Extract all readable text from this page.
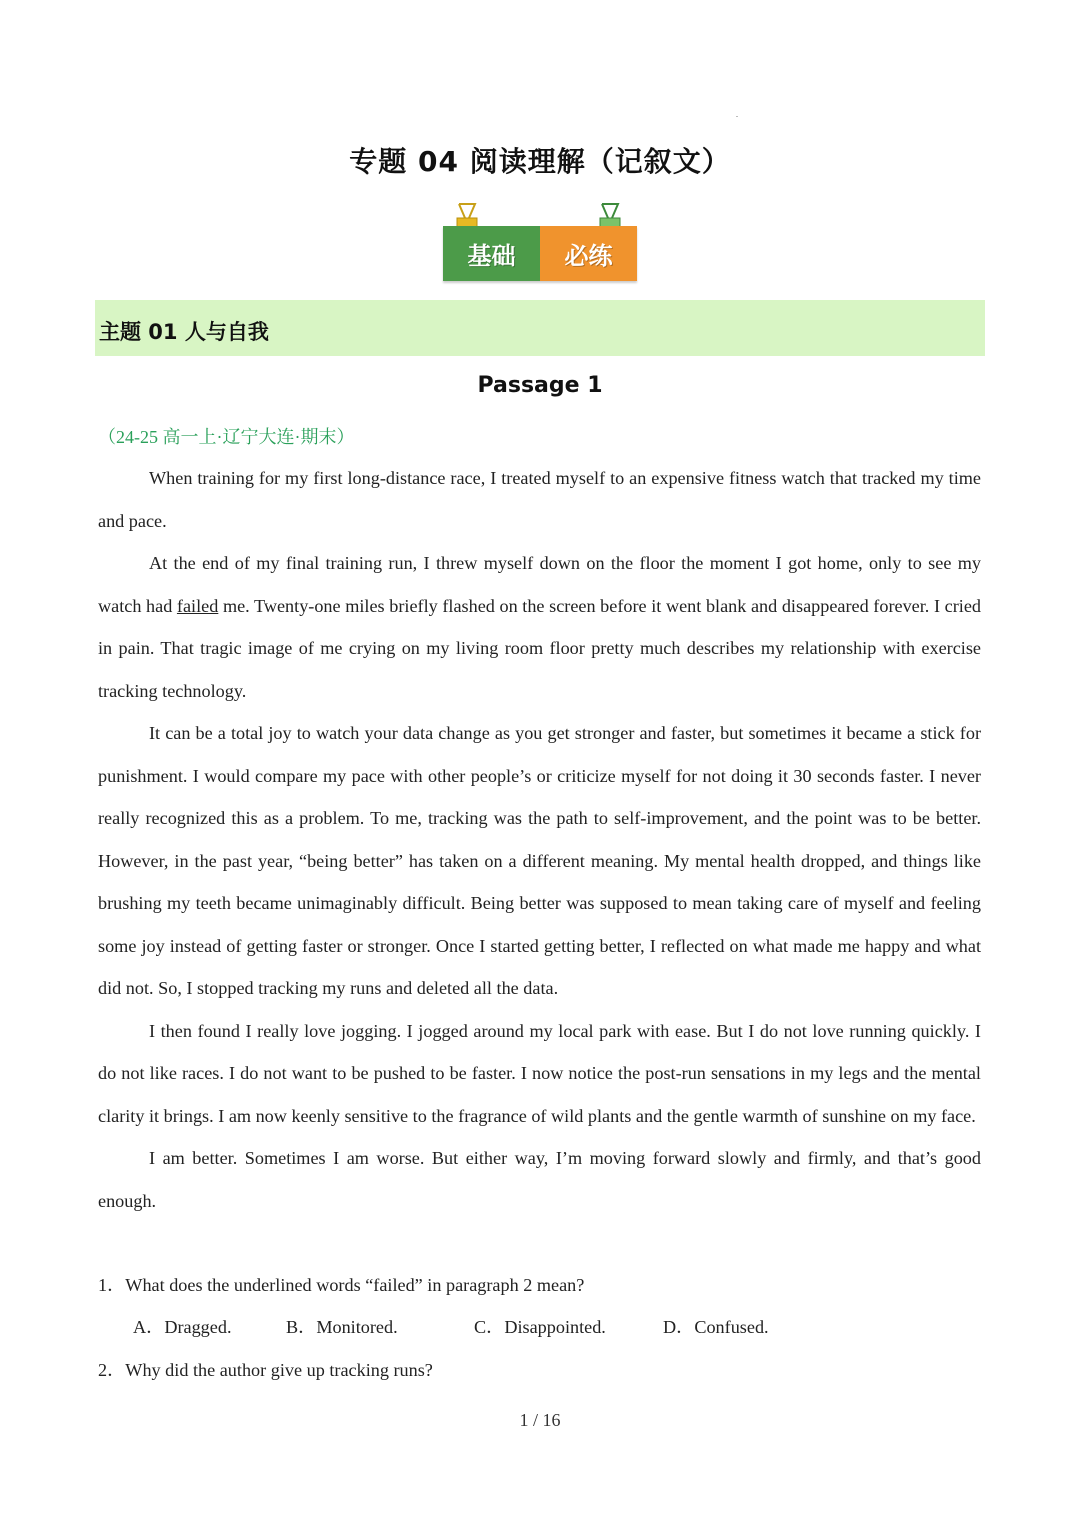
专题 04 阅读理解（记叙文）
基础	必练
主题 01 人与自我
Passage 1
（24-25 高一上·辽宁大连·期末）

When training for my first long-distance race, I treated myself to an expensive fitness watch that tracked my time and pace.

At the end of my final training run, I threw myself down on the floor the moment I got home, only to see my watch had failed me. Twenty-one miles briefly flashed on the screen before it went blank and disappeared forever. I cried in pain. That tragic image of me crying on my living room floor pretty much describes my relationship with exercise tracking technology.

It can be a total joy to watch your data change as you get stronger and faster, but sometimes it became a stick for punishment. I would compare my pace with other people’s or criticize myself for not doing it 30 seconds faster. I never really recognized this as a problem. To me, tracking was the path to self-improvement, and the point was to be better. However, in the past year, “being better” has taken on a different meaning. My mental health dropped, and things like brushing my teeth became unimaginably difficult. Being better was supposed to mean taking care of myself and feeling some joy instead of getting faster or stronger. Once I started getting better, I reflected on what made me happy and what did not. So, I stopped tracking my runs and deleted all the data.

I then found I really love jogging. I jogged around my local park with ease. But I do not love running quickly. I do not like races. I do not want to be pushed to be faster. I now notice the post-run sensations in my legs and the mental clarity it brings. I am now keenly sensitive to the fragrance of wild plants and the gentle warmth of sunshine on my face.

I am better. Sometimes I am worse. But either way, I’m moving forward slowly and firmly, and that’s good enough.

1．What does the underlined words “failed” in paragraph 2 mean?
A．Dragged.	B．Monitored.	C．Disappointed.	D．Confused.
2．Why did the author give up tracking runs?
1 / 16
